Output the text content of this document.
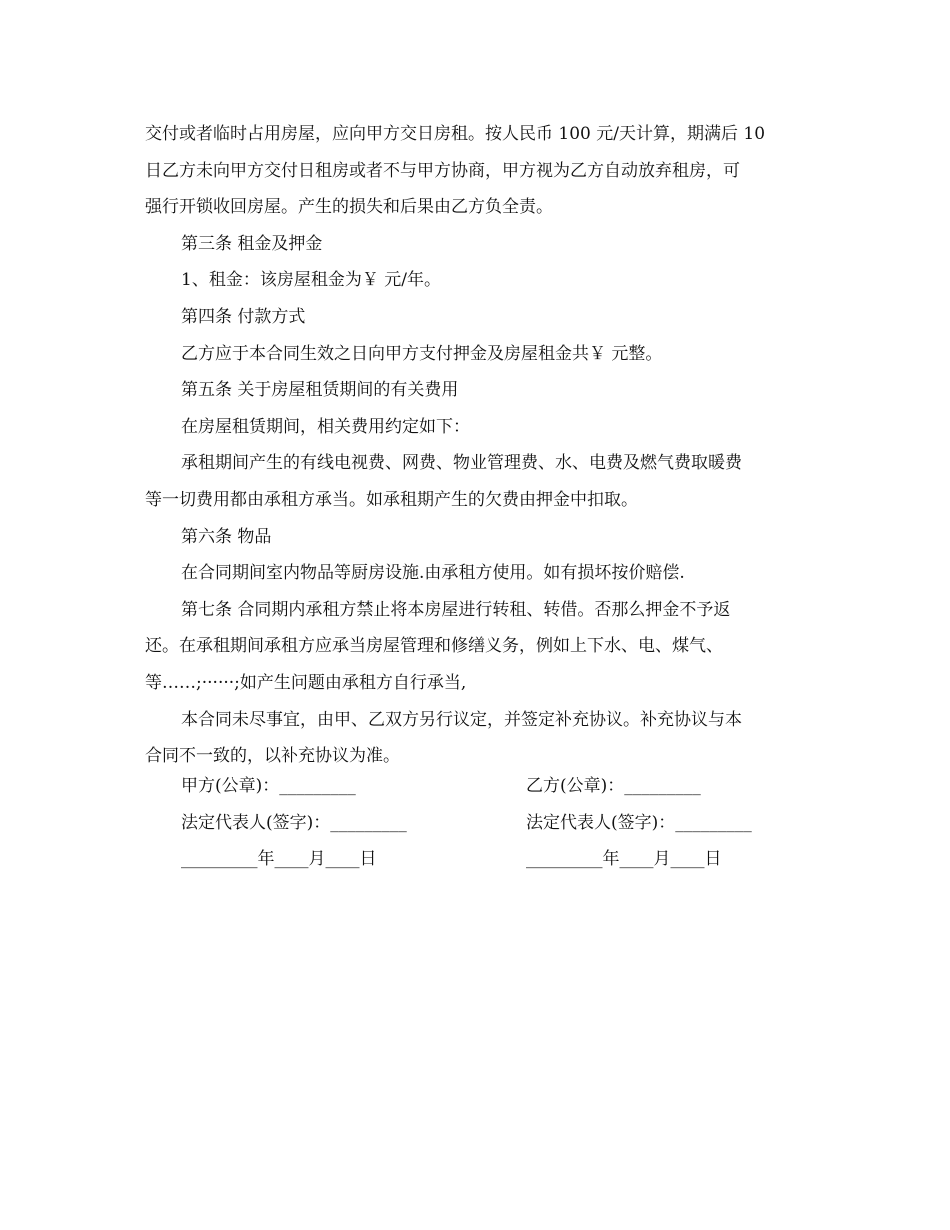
交付或者临时占用房屋，应向甲方交日房租。按人民币 100 元/天计算，期满后 10
日乙方未向甲方交付日租房或者不与甲方协商，甲方视为乙方自动放弃租房，可
强行开锁收回房屋。产生的损失和后果由乙方负全责。
第三条 租金及押金
1、租金：该房屋租金为￥ 元/年。
第四条 付款方式
乙方应于本合同生效之日向甲方支付押金及房屋租金共￥ 元整。
第五条 关于房屋租赁期间的有关费用
在房屋租赁期间，相关费用约定如下：
承租期间产生的有线电视费、网费、物业管理费、水、电费及燃气费取暖费
等一切费用都由承租方承当。如承租期产生的欠费由押金中扣取。
第六条 物品
在合同期间室内物品等厨房设施.由承租方使用。如有损坏按价赔偿.
第七条 合同期内承租方禁止将本房屋进行转租、转借。否那么押金不予返
还。在承租期间承租方应承当房屋管理和修缮义务，例如上下水、电、煤气、
等……;······;如产生问题由承租方自行承当,
本合同未尽事宜，由甲、乙双方另行议定，并签定补充协议。补充协议与本
合同不一致的，以补充协议为准。
甲方(公章)：_________	乙方(公章)：_________
法定代表人(签字)：_________	法定代表人(签字)：_________
_________年____月____日	_________年____月____日
